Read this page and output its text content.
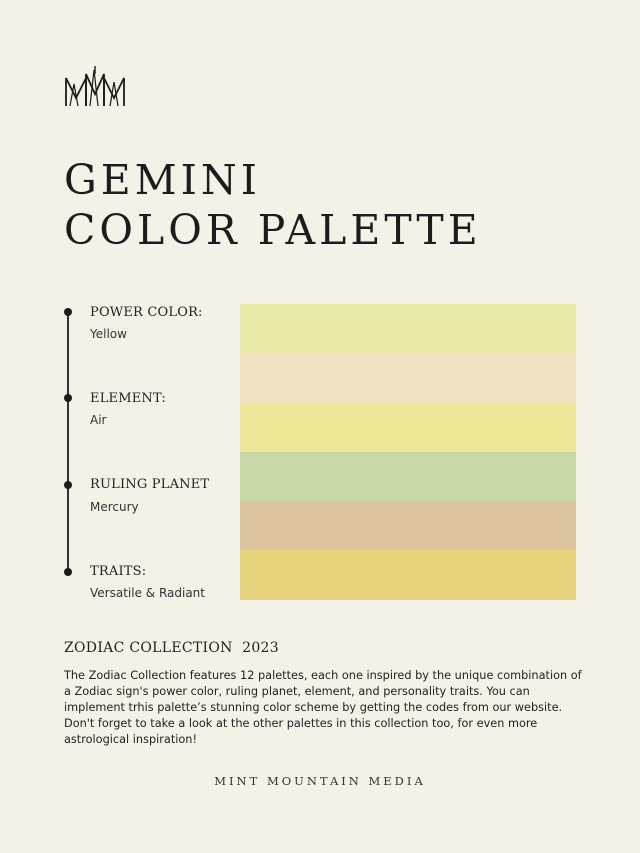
GEMINI
COLOR PALETTE
POWER COLOR:
Yellow
ELEMENT:
Air
RULING PLANET
Mercury
TRAITS:
Versatile & Radiant
ZODIAC COLLECTION  2023

The Zodiac Collection features 12 palettes, each one inspired by the unique combination of a Zodiac sign's power color, ruling planet, element, and personality traits. You can implement trhis palette’s stunning color scheme by getting the codes from our website. Don't forget to take a look at the other palettes in this collection too, for even more astrological inspiration!

MINT MOUNTAIN MEDIA
